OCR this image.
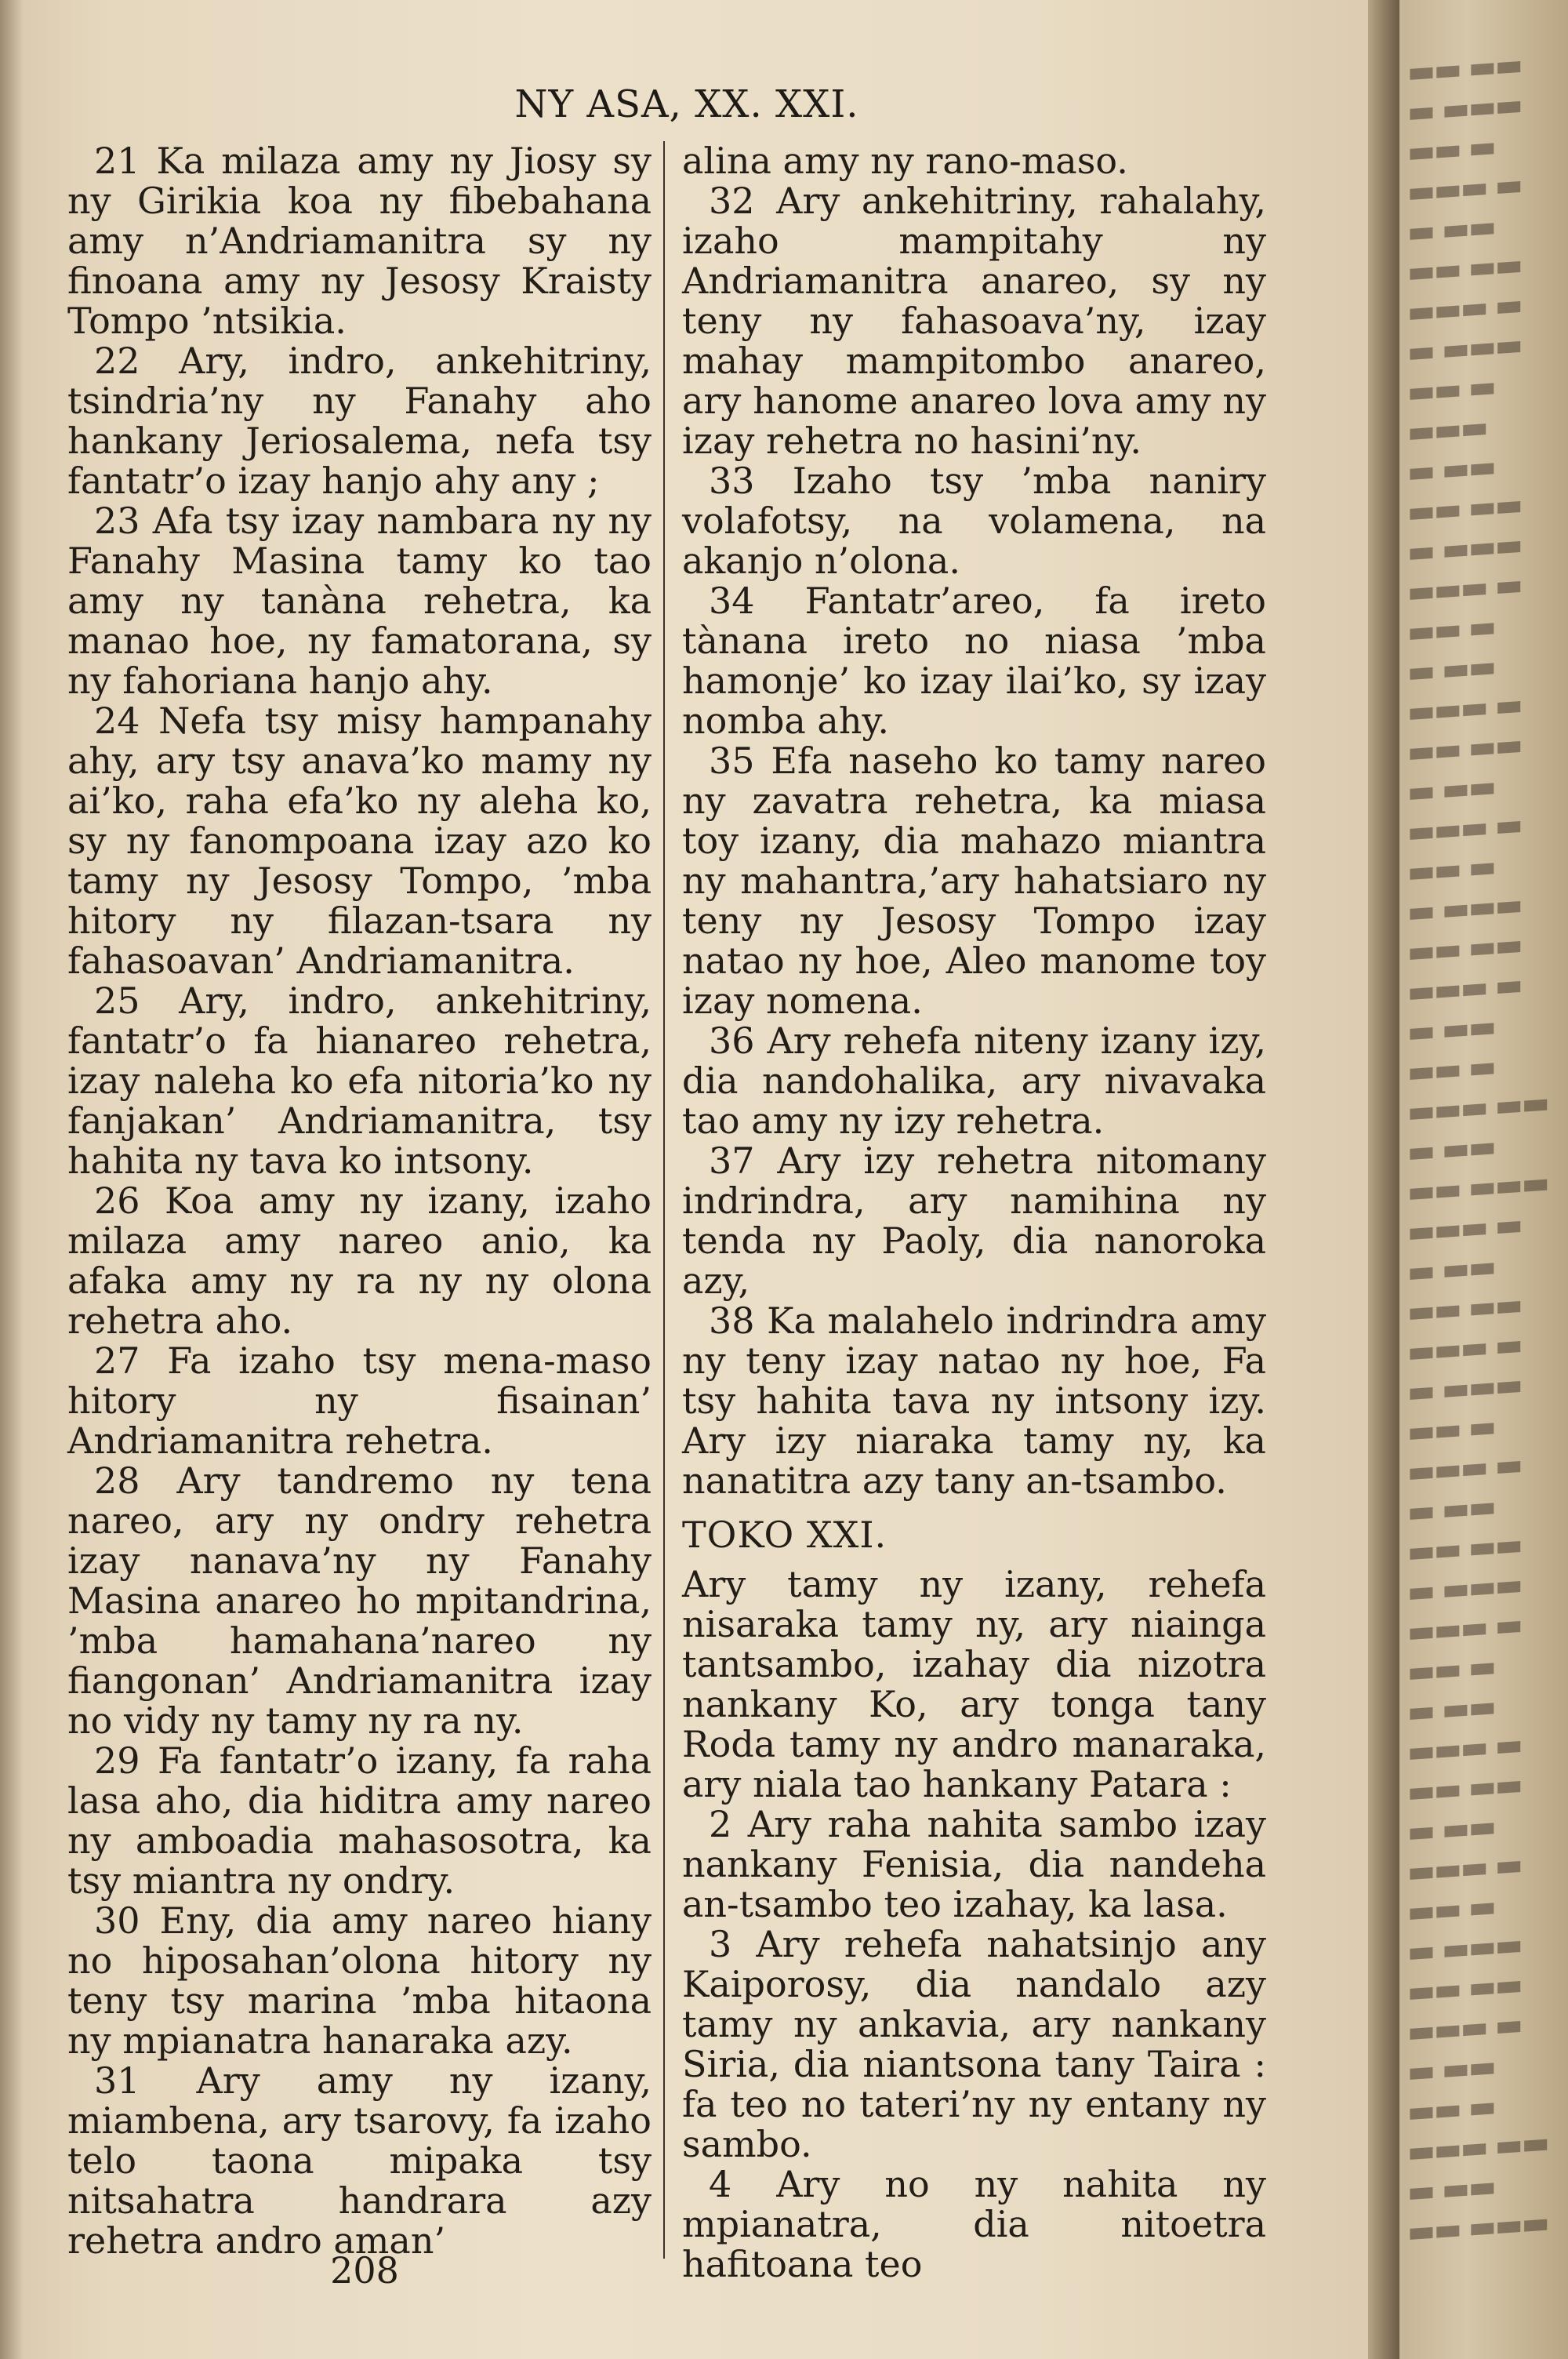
NY ASA, XX. XXI.

21 Ka milaza amy ny Jiosy sy ny Girikia koa ny fibebahana amy n’Andriamanitra sy ny finoana amy ny Jesosy Kraisty Tompo ’ntsikia.

22 Ary, indro, ankehitriny, tsindria’ny ny Fanahy aho hankany Jeriosalema, nefa tsy fantatr’o izay hanjo ahy any ;

23 Afa tsy izay nambara ny ny Fanahy Masina tamy ko tao amy ny tanàna rehetra, ka manao hoe, ny famatorana, sy ny fahoriana hanjo ahy.

24 Nefa tsy misy hampanahy ahy, ary tsy anava’ko mamy ny ai’ko, raha efa’ko ny aleha ko, sy ny fanompoana izay azo ko tamy ny Jesosy Tompo, ’mba hitory ny filazan-tsara ny fahasoavan’ Andriamanitra.

25 Ary, indro, ankehitriny, fantatr’o fa hianareo rehetra, izay naleha ko efa nitoria’ko ny fanjakan’ Andriamanitra, tsy hahita ny tava ko intsony.

26 Koa amy ny izany, izaho milaza amy nareo anio, ka afaka amy ny ra ny ny olona rehetra aho.

27 Fa izaho tsy mena-maso hitory ny fisainan’ Andriamanitra rehetra.

28 Ary tandremo ny tena nareo, ary ny ondry rehetra izay nanava’ny ny Fanahy Masina anareo ho mpitandrina, ’mba hamahana’nareo ny fiangonan’ Andriamanitra izay no vidy ny tamy ny ra ny.

29 Fa fantatr’o izany, fa raha lasa aho, dia hiditra amy nareo ny amboadia mahasosotra, ka tsy miantra ny ondry.

30 Eny, dia amy nareo hiany no hiposahan’olona hitory ny teny tsy marina ’mba hitaona ny mpianatra hanaraka azy.

31 Ary amy ny izany, miambena, ary tsarovy, fa izaho telo taona mipaka tsy nitsahatra handrara azy rehetra andro aman’

alina amy ny rano-maso.

32 Ary ankehitriny, rahalahy, izaho mampitahy ny Andriamanitra anareo, sy ny teny ny fahasoava’ny, izay mahay mampitombo anareo, ary hanome anareo lova amy ny izay rehetra no hasini’ny.

33 Izaho tsy ’mba naniry volafotsy, na volamena, na akanjo n’olona.

34 Fantatr’areo, fa ireto tànana ireto no niasa ’mba hamonje’ ko izay ilai’ko, sy izay nomba ahy.

35 Efa naseho ko tamy nareo ny zavatra rehetra, ka miasa toy izany, dia mahazo miantra ny mahantra,’ary hahatsiaro ny teny ny Jesosy Tompo izay natao ny hoe, Aleo manome toy izay nomena.

36 Ary rehefa niteny izany izy, dia nandohalika, ary nivavaka tao amy ny izy rehetra.

37 Ary izy rehetra nitomany indrindra, ary namihina ny tenda ny Paoly, dia nanoroka azy,

38 Ka malahelo indrindra amy ny teny izay natao ny hoe, Fa tsy hahita tava ny intsony izy. Ary izy niaraka tamy ny, ka nanatitra azy tany an-tsambo.

TOKO XXI.

Ary tamy ny izany, rehefa nisaraka tamy ny, ary niainga tantsambo, izahay dia nizotra nankany Ko, ary tonga tany Roda tamy ny andro manaraka, ary niala tao hankany Patara :

2 Ary raha nahita sambo izay nankany Fenisia, dia nandeha an-tsambo teo izahay, ka lasa.

3 Ary rehefa nahatsinjo any Kaiporosy, dia nandalo azy tamy ny ankavia, ary nankany Siria, dia niantsona tany Taira : fa teo no tateri’ny ny entany ny sambo.

4 Ary no ny nahita ny mpianatra, dia nitoetra hafitoana teo

208
▬▬ ▬▬
▬ ▬▬▬
▬▬ ▬
▬▬▬ ▬
▬ ▬▬
▬▬ ▬▬
▬▬▬ ▬
▬ ▬▬▬
▬▬ ▬
▬▬▬
▬ ▬▬
▬▬ ▬▬
▬ ▬▬▬
▬▬▬ ▬
▬▬ ▬
▬ ▬▬
▬▬▬ ▬
▬▬ ▬▬
▬ ▬▬
▬▬▬ ▬
▬▬ ▬
▬ ▬▬▬
▬▬ ▬▬
▬▬▬ ▬
▬ ▬▬
▬▬ ▬
▬▬▬ ▬▬
▬ ▬▬
▬▬ ▬▬▬
▬▬▬ ▬
▬ ▬▬
▬▬ ▬▬
▬▬▬ ▬
▬ ▬▬▬
▬▬ ▬
▬▬▬ ▬
▬ ▬▬
▬▬ ▬▬
▬ ▬▬▬
▬▬▬ ▬
▬▬ ▬
▬ ▬▬
▬▬▬ ▬
▬▬ ▬▬
▬ ▬▬
▬▬▬ ▬
▬▬ ▬
▬ ▬▬▬
▬▬ ▬▬
▬▬▬ ▬
▬ ▬▬
▬▬ ▬
▬▬▬ ▬▬
▬ ▬▬
▬▬ ▬▬▬
